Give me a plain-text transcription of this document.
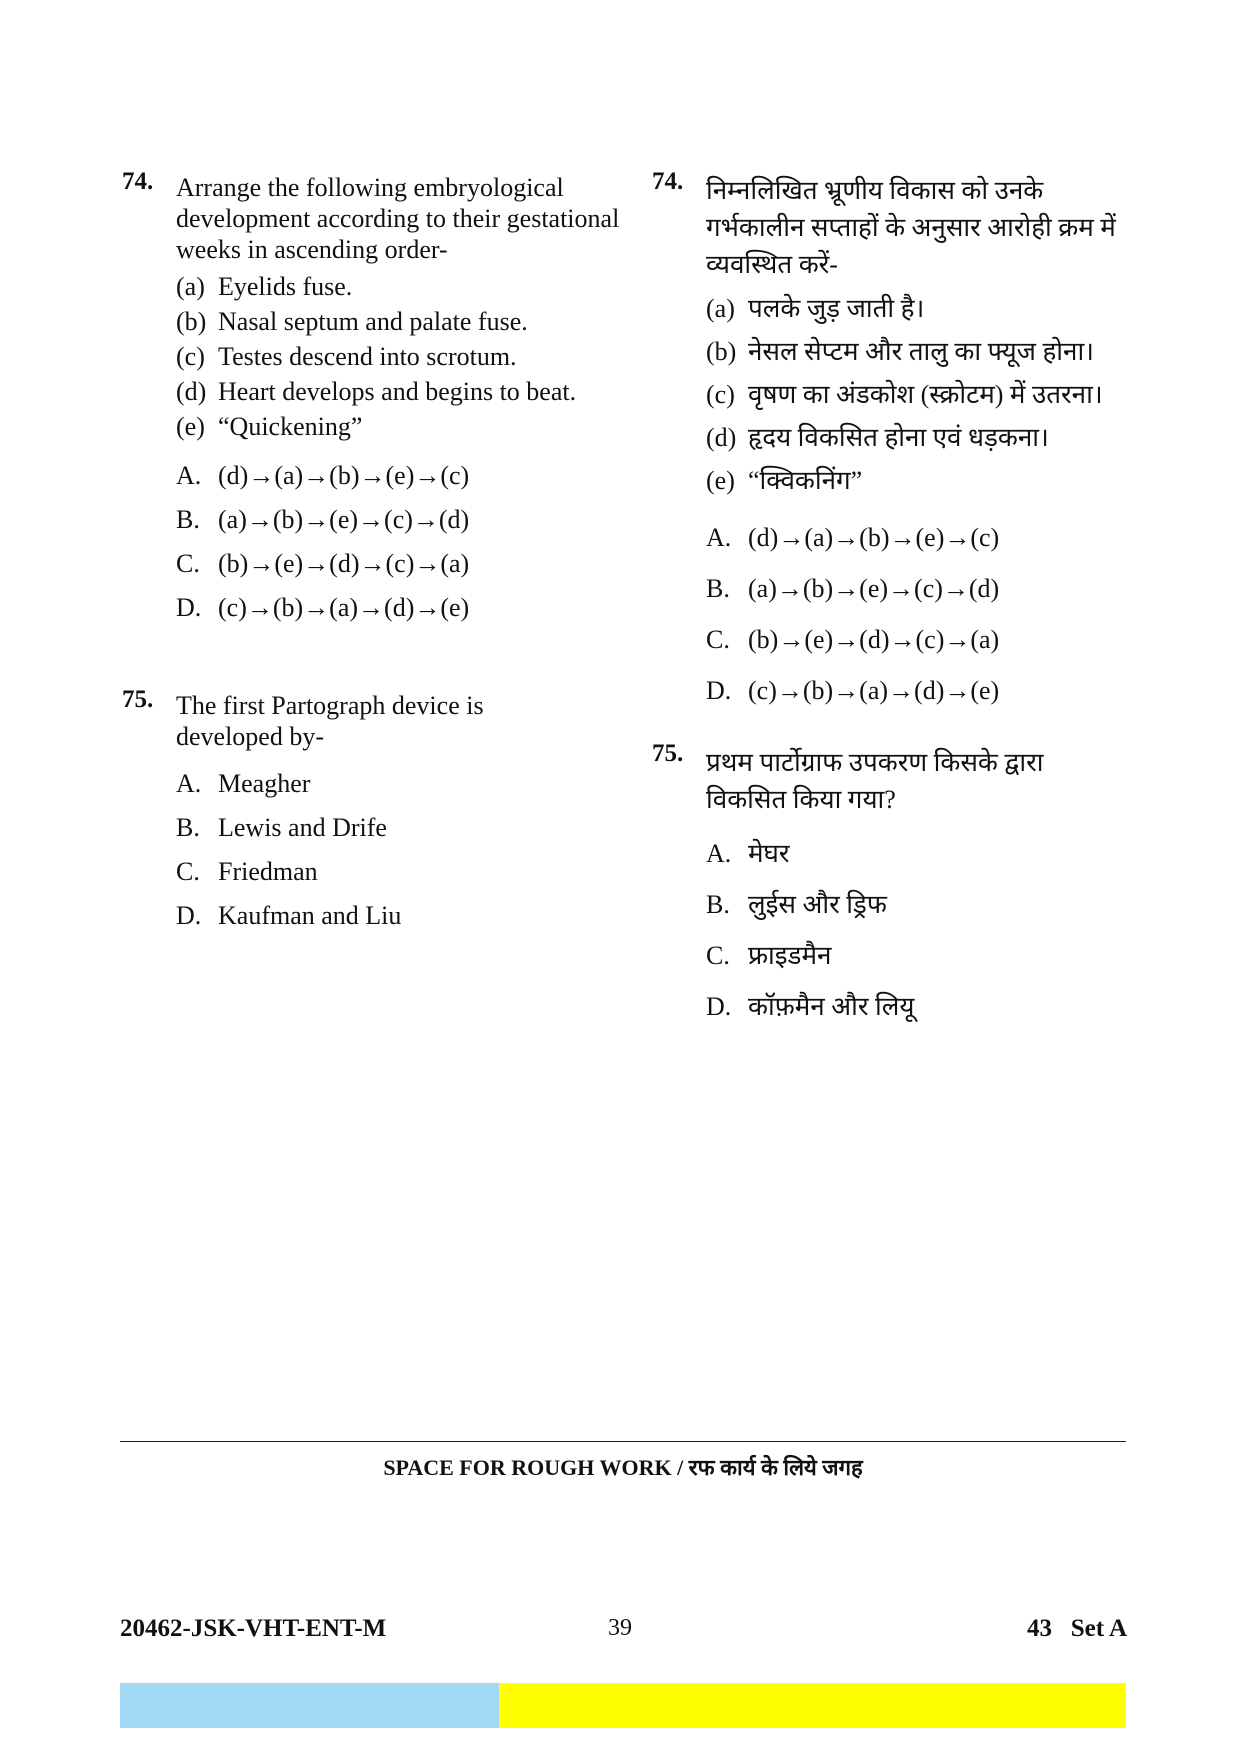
74. Arrange the following embryological development according to their gestational weeks in ascending order-
(a) Eyelids fuse.
(b) Nasal septum and palate fuse.
(c) Testes descend into scrotum.
(d) Heart develops and begins to beat.
(e) “Quickening”
A. (d)→(a)→(b)→(e)→(c)
B. (a)→(b)→(e)→(c)→(d)
C. (b)→(e)→(d)→(c)→(a)
D. (c)→(b)→(a)→(d)→(e)
75. The first Partograph device is developed by-
A. Meagher
B. Lewis and Drife
C. Friedman
D. Kaufman and Liu
74. निम्नलिखित भ्रूणीय विकास को उनके गर्भकालीन सप्ताहों के अनुसार आरोही क्रम में व्यवस्थित करें-
(a) पलके जुड़ जाती है।
(b) नेसल सेप्टम और तालु का फ्यूज होना।
(c) वृषण का अंडकोश (स्क्रोटम) में उतरना।
(d) हृदय विकसित होना एवं धड़कना।
(e) “क्विकनिंग”
A. (d)→(a)→(b)→(e)→(c)
B. (a)→(b)→(e)→(c)→(d)
C. (b)→(e)→(d)→(c)→(a)
D. (c)→(b)→(a)→(d)→(e)
75. प्रथम पार्टोग्राफ उपकरण किसके द्वारा विकसित किया गया?
A. मेघर
B. लुईस और ड्रिफ
C. फ्राइडमैन
D. कॉफ़मैन और लियू
SPACE FOR ROUGH WORK / रफ कार्य के लिये जगह
20462-JSK-VHT-ENT-M	39	43   Set A
